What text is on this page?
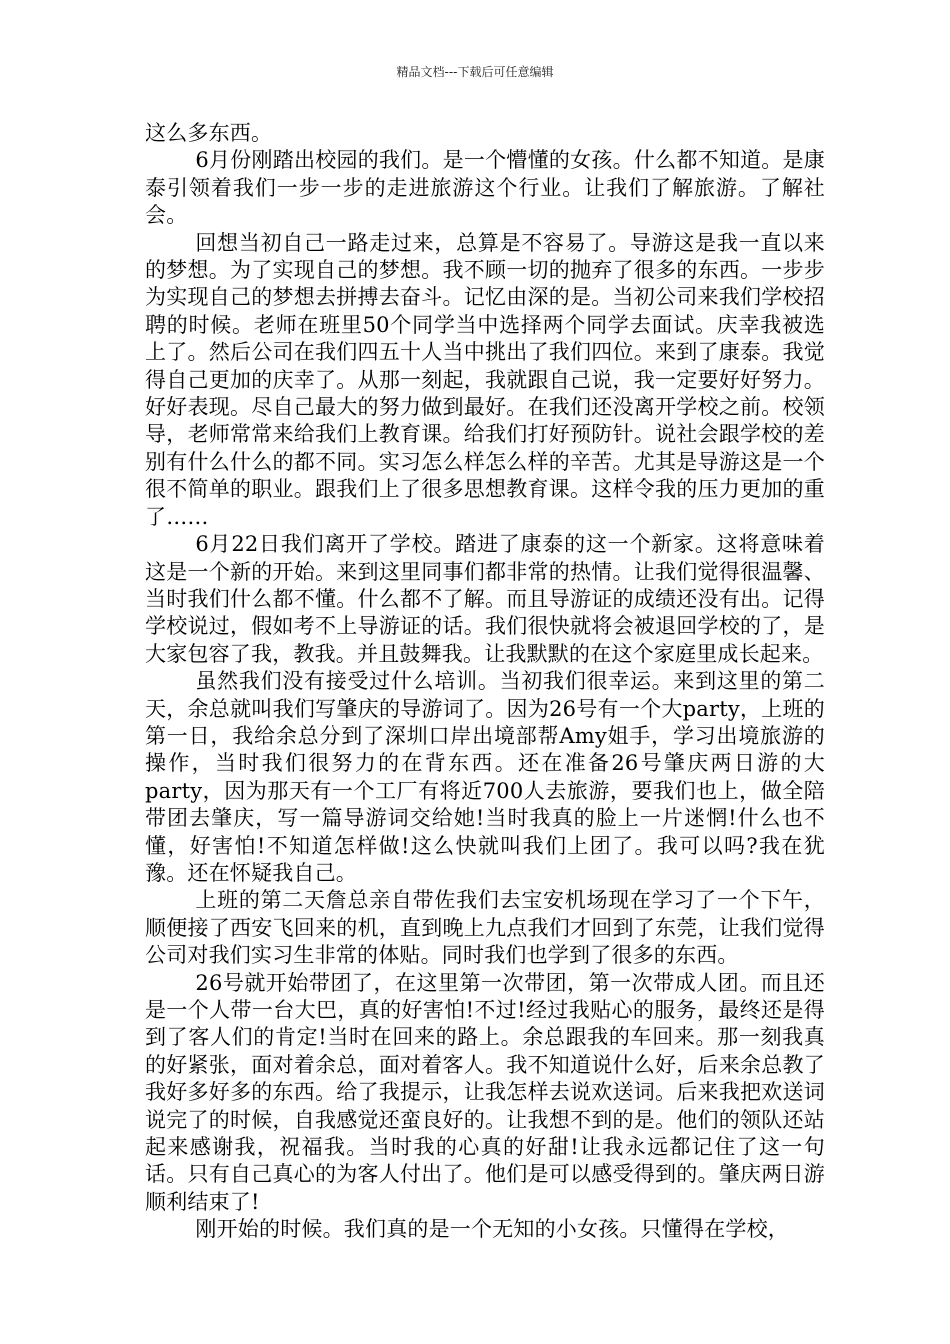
精品文档---下载后可任意编辑

这么多东西。

6月份刚踏出校园的我们。是一个懵懂的女孩。什么都不知道。是康泰引领着我们一步一步的走进旅游这个行业。让我们了解旅游。了解社会。

回想当初自己一路走过来，总算是不容易了。导游这是我一直以来的梦想。为了实现自己的梦想。我不顾一切的抛弃了很多的东西。一步步为实现自己的梦想去拼搏去奋斗。记忆由深的是。当初公司来我们学校招聘的时候。老师在班里50个同学当中选择两个同学去面试。庆幸我被选上了。然后公司在我们四五十人当中挑出了我们四位。来到了康泰。我觉得自己更加的庆幸了。从那一刻起，我就跟自己说，我一定要好好努力。好好表现。尽自己最大的努力做到最好。在我们还没离开学校之前。校领导，老师常常来给我们上教育课。给我们打好预防针。说社会跟学校的差别有什么什么的都不同。实习怎么样怎么样的辛苦。尤其是导游这是一个很不简单的职业。跟我们上了很多思想教育课。这样令我的压力更加的重了……

6月22日我们离开了学校。踏进了康泰的这一个新家。这将意味着这是一个新的开始。来到这里同事们都非常的热情。让我们觉得很温馨、当时我们什么都不懂。什么都不了解。而且导游证的成绩还没有出。记得学校说过，假如考不上导游证的话。我们很快就将会被退回学校的了，是大家包容了我，教我。并且鼓舞我。让我默默的在这个家庭里成长起来。

虽然我们没有接受过什么培训。当初我们很幸运。来到这里的第二天，余总就叫我们写肇庆的导游词了。因为26号有一个大party，上班的第一日，我给余总分到了深圳口岸出境部帮Amy姐手，学习出境旅游的操作，当时我们很努力的在背东西。还在准备26号肇庆两日游的大party，因为那天有一个工厂有将近700人去旅游，要我们也上，做全陪带团去肇庆，写一篇导游词交给她!当时我真的脸上一片迷惘!什么也不懂，好害怕!不知道怎样做!这么快就叫我们上团了。我可以吗?我在犹豫。还在怀疑我自己。

上班的第二天詹总亲自带佐我们去宝安机场现在学习了一个下午，顺便接了西安飞回来的机，直到晚上九点我们才回到了东莞，让我们觉得公司对我们实习生非常的体贴。同时我们也学到了很多的东西。

26号就开始带团了，在这里第一次带团，第一次带成人团。而且还是一个人带一台大巴，真的好害怕!不过!经过我贴心的服务，最终还是得到了客人们的肯定!当时在回来的路上。余总跟我的车回来。那一刻我真的好紧张，面对着余总，面对着客人。我不知道说什么好，后来余总教了我好多好多的东西。给了我提示，让我怎样去说欢送词。后来我把欢送词说完了的时候，自我感觉还蛮良好的。让我想不到的是。他们的领队还站起来感谢我，祝福我。当时我的心真的好甜!让我永远都记住了这一句话。只有自己真心的为客人付出了。他们是可以感受得到的。肇庆两日游顺利结束了!

刚开始的时候。我们真的是一个无知的小女孩。只懂得在学校，
